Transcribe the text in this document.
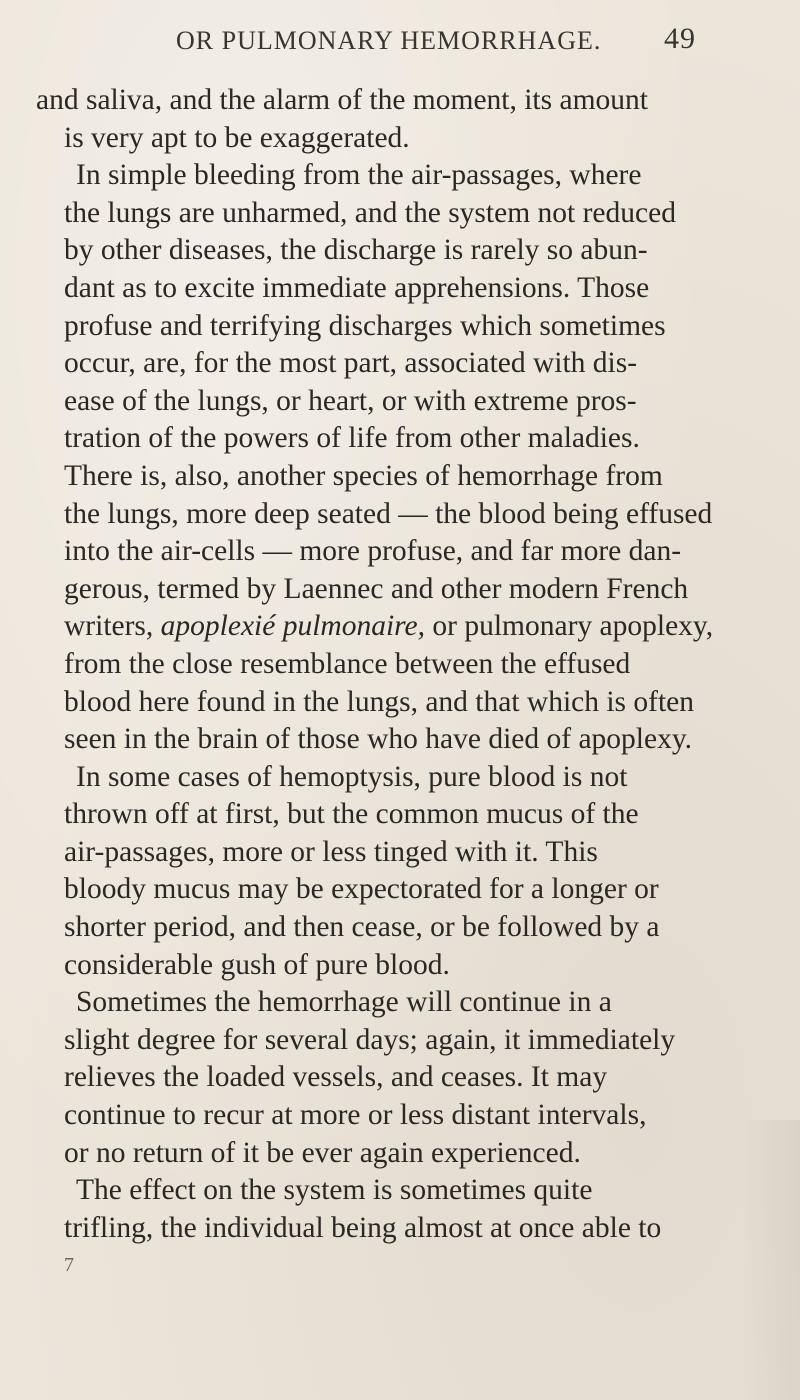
OR PULMONARY HEMORRHAGE. 49
and saliva, and the alarm of the moment, its amount
is very apt to be exaggerated.
In simple bleeding from the air-passages, where
the lungs are unharmed, and the system not reduced
by other diseases, the discharge is rarely so abun-
dant as to excite immediate apprehensions. Those
profuse and terrifying discharges which sometimes
occur, are, for the most part, associated with dis-
ease of the lungs, or heart, or with extreme pros-
tration of the powers of life from other maladies.
There is, also, another species of hemorrhage from
the lungs, more deep seated — the blood being effused
into the air-cells — more profuse, and far more dan-
gerous, termed by Laennec and other modern French
writers, apoplexié pulmonaire, or pulmonary apoplexy,
from the close resemblance between the effused
blood here found in the lungs, and that which is often
seen in the brain of those who have died of apoplexy.
In some cases of hemoptysis, pure blood is not
thrown off at first, but the common mucus of the
air-passages, more or less tinged with it. This
bloody mucus may be expectorated for a longer or
shorter period, and then cease, or be followed by a
considerable gush of pure blood.
Sometimes the hemorrhage will continue in a
slight degree for several days; again, it immediately
relieves the loaded vessels, and ceases. It may
continue to recur at more or less distant intervals,
or no return of it be ever again experienced.
The effect on the system is sometimes quite
trifling, the individual being almost at once able to
7
